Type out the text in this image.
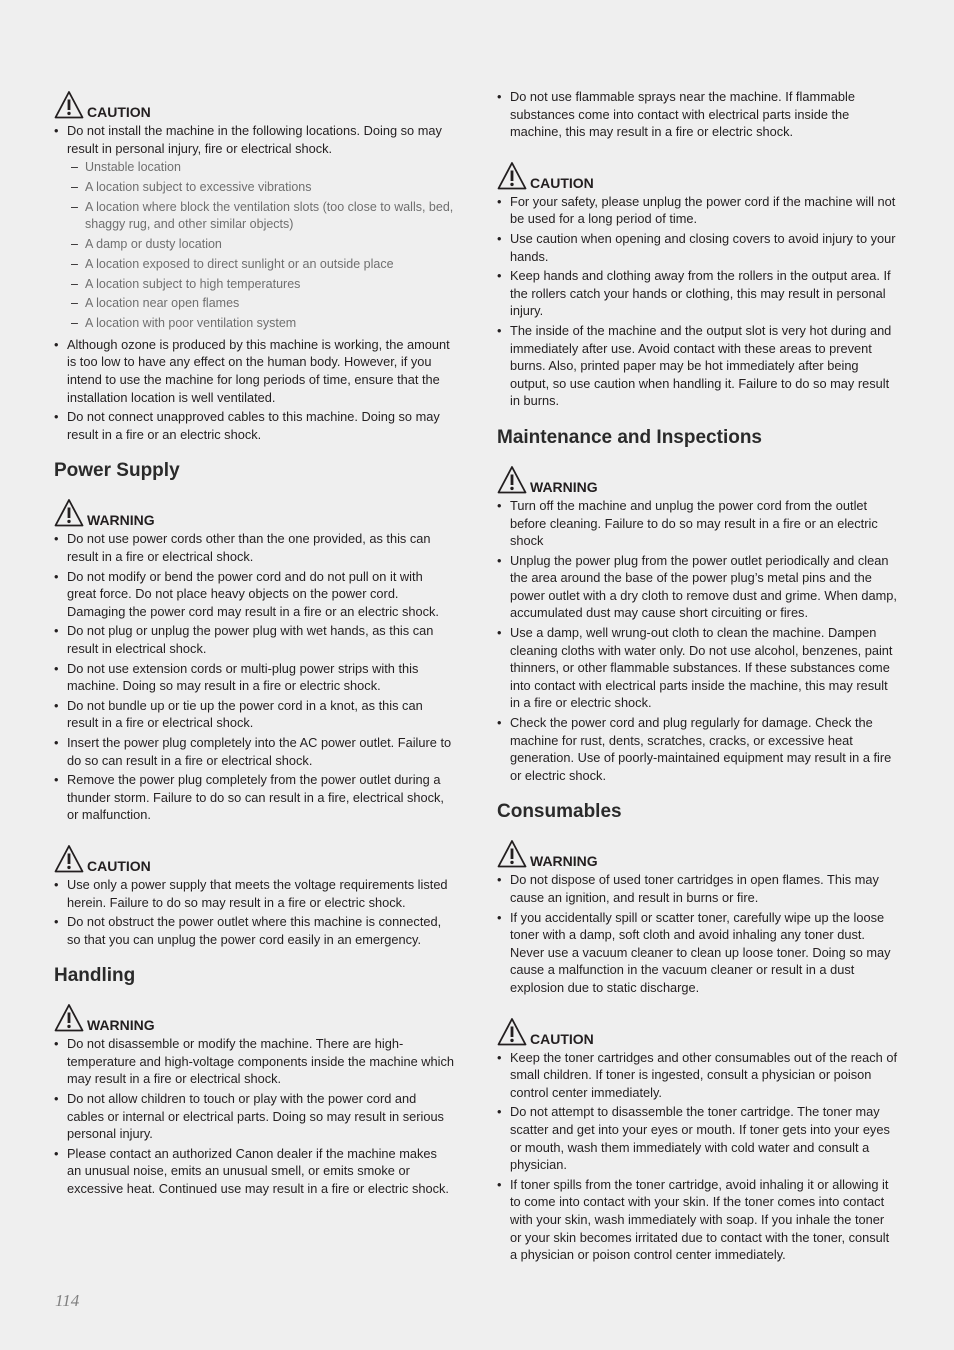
CAUTION
• Do not install the machine in the following locations. Doing so may result in personal injury, fire or electrical shock.
– Unstable location
– A location subject to excessive vibrations
– A location where block the ventilation slots (too close to walls, bed, shaggy rug, and other similar objects)
– A damp or dusty location
– A location exposed to direct sunlight or an outside place
– A location subject to high temperatures
– A location near open flames
– A location with poor ventilation system
• Although ozone is produced by this machine is working, the amount is too low to have any effect on the human body. However, if you intend to use the machine for long periods of time, ensure that the installation location is well ventilated.
• Do not connect unapproved cables to this machine. Doing so may result in a fire or an electric shock.
Power Supply
WARNING
• Do not use power cords other than the one provided, as this can result in a fire or electrical shock.
• Do not modify or bend the power cord and do not pull on it with great force. Do not place heavy objects on the power cord. Damaging the power cord may result in a fire or an electric shock.
• Do not plug or unplug the power plug with wet hands, as this can result in electrical shock.
• Do not use extension cords or multi-plug power strips with this machine. Doing so may result in a fire or electric shock.
• Do not bundle up or tie up the power cord in a knot, as this can result in a fire or electrical shock.
• Insert the power plug completely into the AC power outlet. Failure to do so can result in a fire or electrical shock.
• Remove the power plug completely from the power outlet during a thunder storm. Failure to do so can result in a fire, electrical shock, or malfunction.
CAUTION
• Use only a power supply that meets the voltage requirements listed herein. Failure to do so may result in a fire or electric shock.
• Do not obstruct the power outlet where this machine is connected, so that you can unplug the power cord easily in an emergency.
Handling
WARNING
• Do not disassemble or modify the machine. There are high-temperature and high-voltage components inside the machine which may result in a fire or electrical shock.
• Do not allow children to touch or play with the power cord and cables or internal or electrical parts. Doing so may result in serious personal injury.
• Please contact an authorized Canon dealer if the machine makes an unusual noise, emits an unusual smell, or emits smoke or excessive heat. Continued use may result in a fire or electric shock.
• Do not use flammable sprays near the machine. If flammable substances come into contact with electrical parts inside the machine, this may result in a fire or electric shock.
CAUTION
• For your safety, please unplug the power cord if the machine will not be used for a long period of time.
• Use caution when opening and closing covers to avoid injury to your hands.
• Keep hands and clothing away from the rollers in the output area. If the rollers catch your hands or clothing, this may result in personal injury.
• The inside of the machine and the output slot is very hot during and immediately after use. Avoid contact with these areas to prevent burns. Also, printed paper may be hot immediately after being output, so use caution when handling it. Failure to do so may result in burns.
Maintenance and Inspections
WARNING
• Turn off the machine and unplug the power cord from the outlet before cleaning. Failure to do so may result in a fire or an electric shock
• Unplug the power plug from the power outlet periodically and clean the area around the base of the power plug’s metal pins and the power outlet with a dry cloth to remove dust and grime. When damp, accumulated dust may cause short circuiting or fires.
• Use a damp, well wrung-out cloth to clean the machine. Dampen cleaning cloths with water only. Do not use alcohol, benzenes, paint thinners, or other flammable substances. If these substances come into contact with electrical parts inside the machine, this may result in a fire or electric shock.
• Check the power cord and plug regularly for damage. Check the machine for rust, dents, scratches, cracks, or excessive heat generation. Use of poorly-maintained equipment may result in a fire or electric shock.
Consumables
WARNING
• Do not dispose of used toner cartridges in open flames. This may cause an ignition, and result in burns or fire.
• If you accidentally spill or scatter toner, carefully wipe up the loose toner with a damp, soft cloth and avoid inhaling any toner dust. Never use a vacuum cleaner to clean up loose toner. Doing so may cause a malfunction in the vacuum cleaner or result in a dust explosion due to static discharge.
CAUTION
• Keep the toner cartridges and other consumables out of the reach of small children. If toner is ingested, consult a physician or poison control center immediately.
• Do not attempt to disassemble the toner cartridge. The toner may scatter and get into your eyes or mouth. If toner gets into your eyes or mouth, wash them immediately with cold water and consult a physician.
• If toner spills from the toner cartridge, avoid inhaling it or allowing it to come into contact with your skin. If the toner comes into contact with your skin, wash immediately with soap. If you inhale the toner or your skin becomes irritated due to contact with the toner, consult a physician or poison control center immediately.
114
